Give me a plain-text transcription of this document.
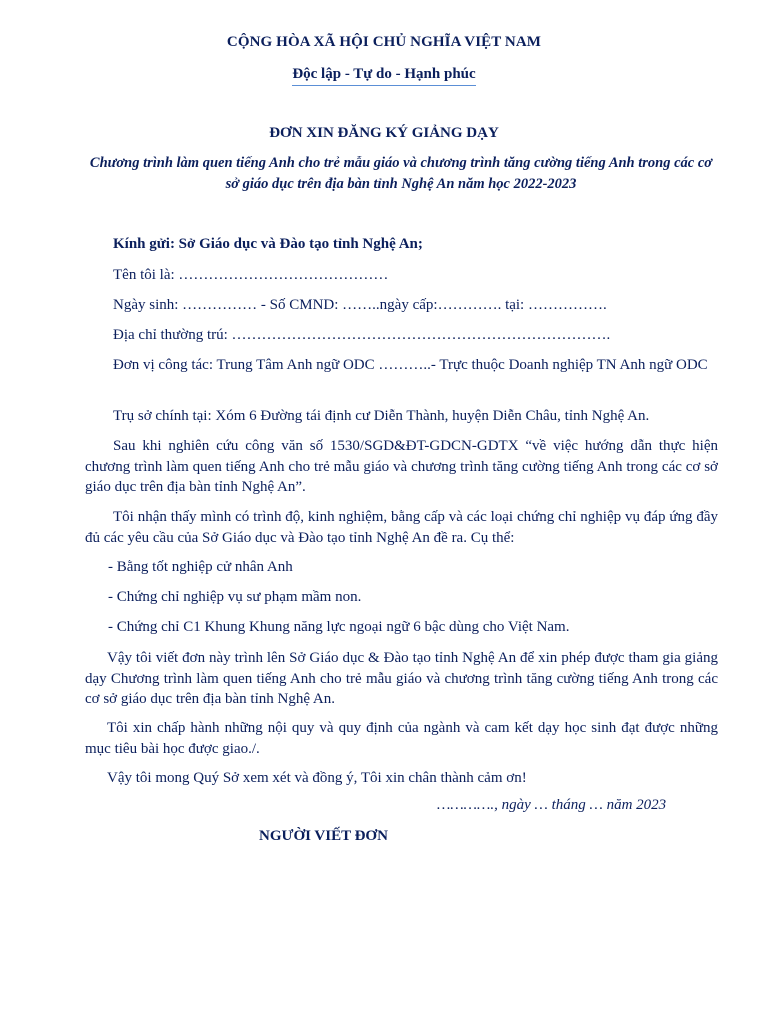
CỘNG HÒA XÃ HỘI CHỦ NGHĨA VIỆT NAM
Độc lập - Tự do - Hạnh phúc
ĐƠN XIN ĐĂNG KÝ GIẢNG DẠY
Chương trình làm quen tiếng Anh cho trẻ mẫu giáo và chương trình tăng cường tiếng Anh trong các cơ sở giáo dục trên địa bàn tỉnh Nghệ An năm học 2022-2023
Kính gửi: Sở Giáo dục và Đào tạo tỉnh Nghệ An;
Tên tôi là: ……………………………………
Ngày sinh: …………… - Số CMND: ……..ngày cấp:…………. tại: …………….
Địa chỉ thường trú: ………………………………………………………………….
Đơn vị công tác: Trung Tâm Anh ngữ ODC ………..- Trực thuộc Doanh nghiệp TN Anh ngữ ODC
Trụ sở chính tại: Xóm 6 Đường tái định cư Diễn Thành, huyện Diễn Châu, tỉnh Nghệ An.
Sau khi nghiên cứu công văn số 1530/SGD&ĐT-GDCN-GDTX “về việc hướng dẫn thực hiện chương trình làm quen tiếng Anh cho trẻ mẫu giáo và chương trình tăng cường tiếng Anh trong các cơ sở giáo dục trên địa bàn tỉnh Nghệ An”.
Tôi nhận thấy mình có trình độ, kinh nghiệm, bằng cấp và các loại chứng chỉ nghiệp vụ đáp ứng đầy đủ các yêu cầu của Sở Giáo dục và Đào tạo tỉnh Nghệ An đề ra. Cụ thể:
- Bằng tốt nghiệp cử nhân Anh
- Chứng chỉ nghiệp vụ sư phạm mầm non.
- Chứng chỉ C1 Khung Khung năng lực ngoại ngữ 6 bậc dùng cho Việt Nam.
Vậy tôi viết đơn này trình lên Sở Giáo dục & Đào tạo tỉnh Nghệ An để xin phép được tham gia giảng dạy Chương trình làm quen tiếng Anh cho trẻ mẫu giáo và chương trình tăng cường tiếng Anh trong các cơ sở giáo dục trên địa bàn tỉnh Nghệ An.
Tôi xin chấp hành những nội quy và quy định của ngành và cam kết dạy học sinh đạt được những mục tiêu bài học được giao./.
Vậy tôi mong Quý Sở xem xét và đồng ý, Tôi xin chân thành cảm ơn!
…………., ngày … tháng … năm 2023
NGƯỜI VIẾT ĐƠN
